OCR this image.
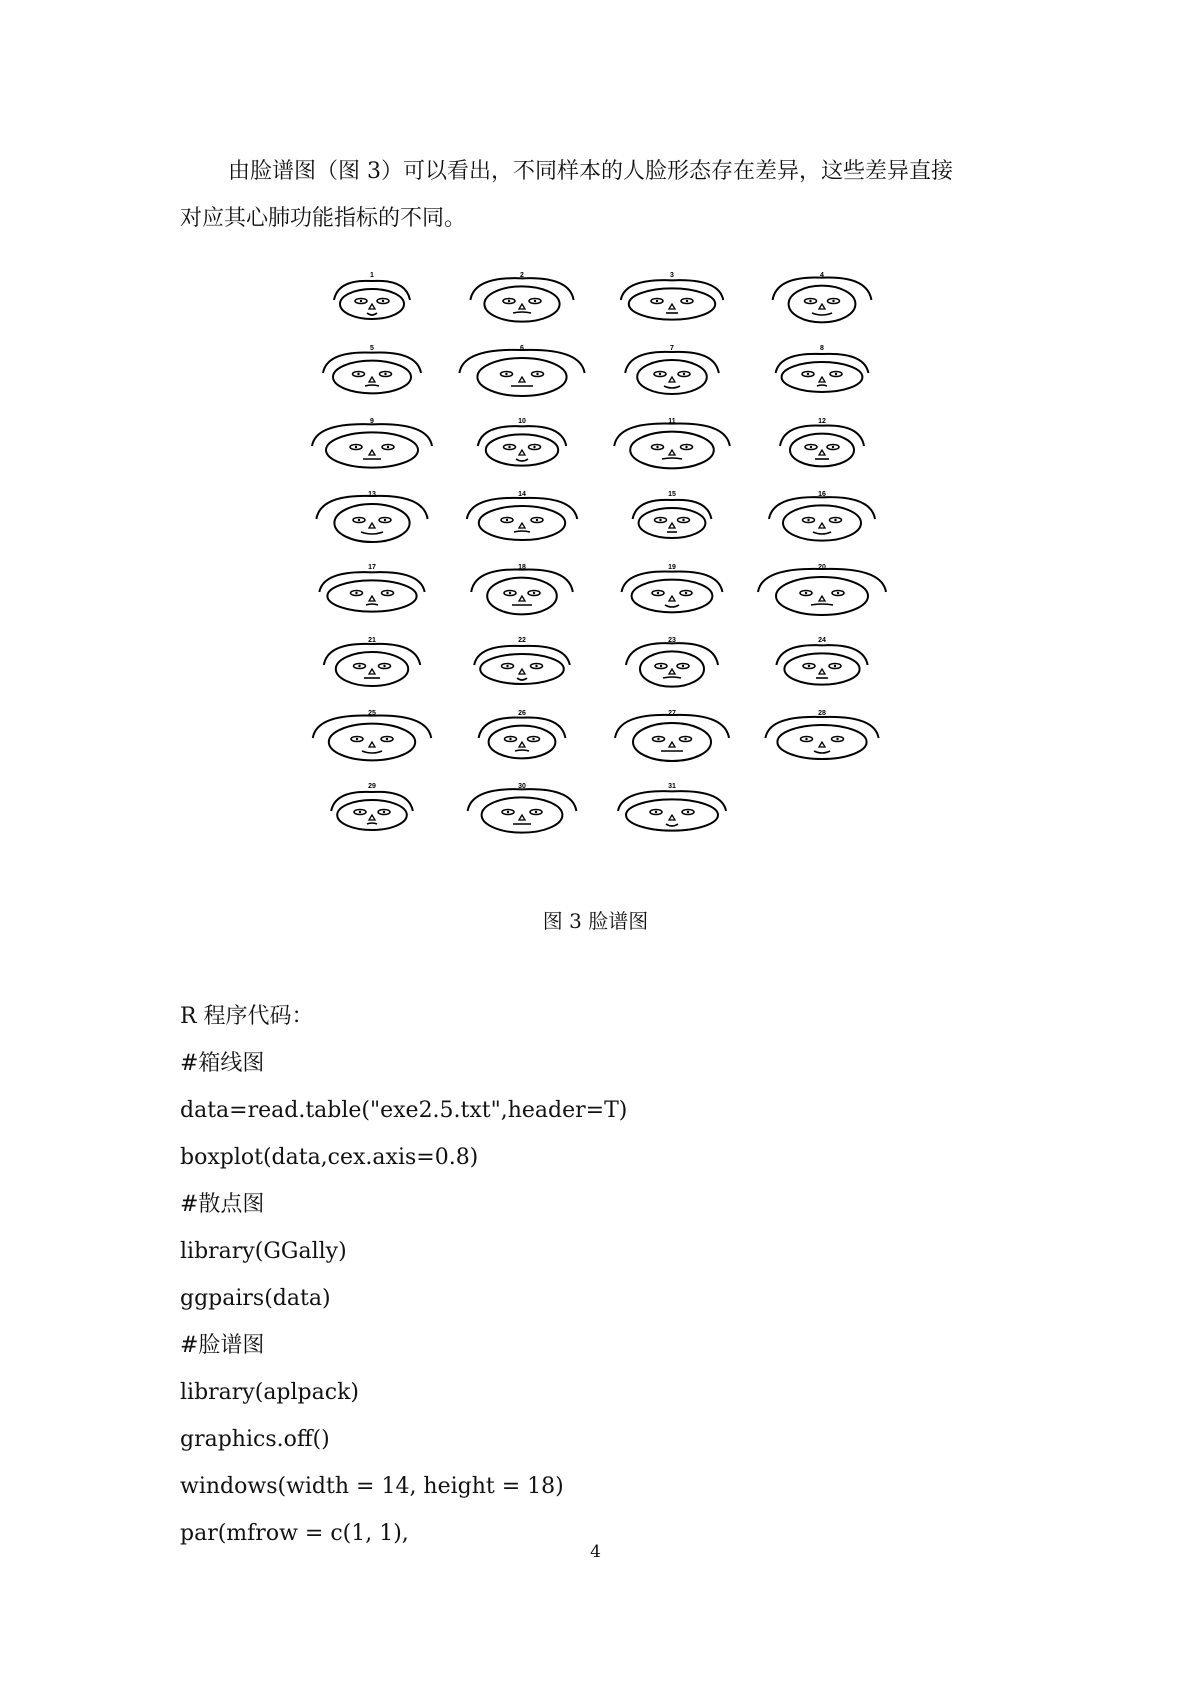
由脸谱图（图 3）可以看出，不同样本的人脸形态存在差异，这些差异直接

对应其心肺功能指标的不同。

1	2	3	4
5	6	7	8
9	10	11	12
13	14	15	16
17	18	19	20
21	22	23	24
25	26	27	28
29	30	31
图 3 脸谱图
R 程序代码：
#箱线图
data=read.table("exe2.5.txt",header=T)
boxplot(data,cex.axis=0.8)
#散点图
library(GGally)
ggpairs(data)
#脸谱图
library(aplpack)
graphics.off()
windows(width = 14, height = 18)
par(mfrow = c(1, 1),
4
